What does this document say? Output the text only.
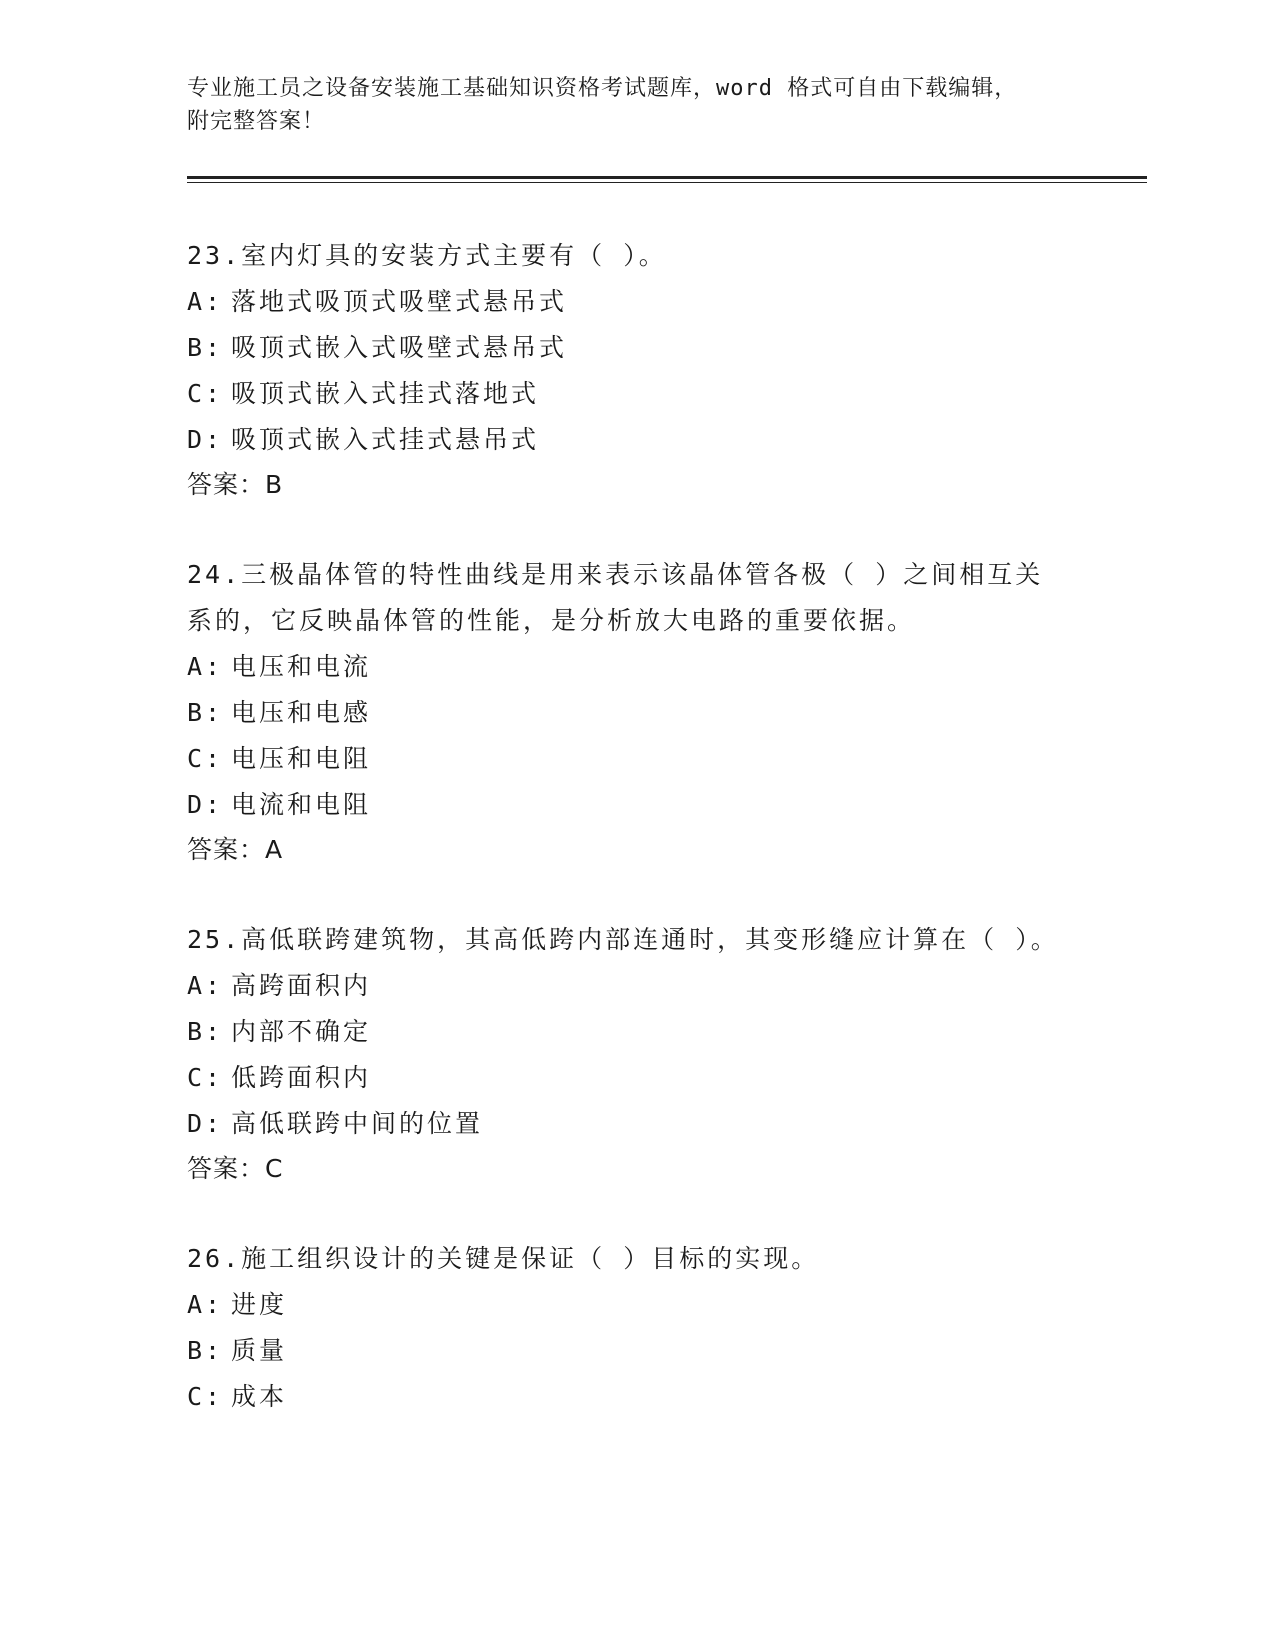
专业施工员之设备安装施工基础知识资格考试题库，word 格式可自由下载编辑，
附完整答案！

23.室内灯具的安装方式主要有（ ）。

A: 落地式吸顶式吸壁式悬吊式

B: 吸顶式嵌入式吸壁式悬吊式

C: 吸顶式嵌入式挂式落地式

D: 吸顶式嵌入式挂式悬吊式

答案：B

24.三极晶体管的特性曲线是用来表示该晶体管各极（ ）之间相互关系的，它反映晶体管的性能，是分析放大电路的重要依据。

A: 电压和电流

B: 电压和电感

C: 电压和电阻

D: 电流和电阻

答案：A

25.高低联跨建筑物，其高低跨内部连通时，其变形缝应计算在（ ）。

A: 高跨面积内

B: 内部不确定

C: 低跨面积内

D: 高低联跨中间的位置

答案：C

26.施工组织设计的关键是保证（ ）目标的实现。

A: 进度

B: 质量

C: 成本
